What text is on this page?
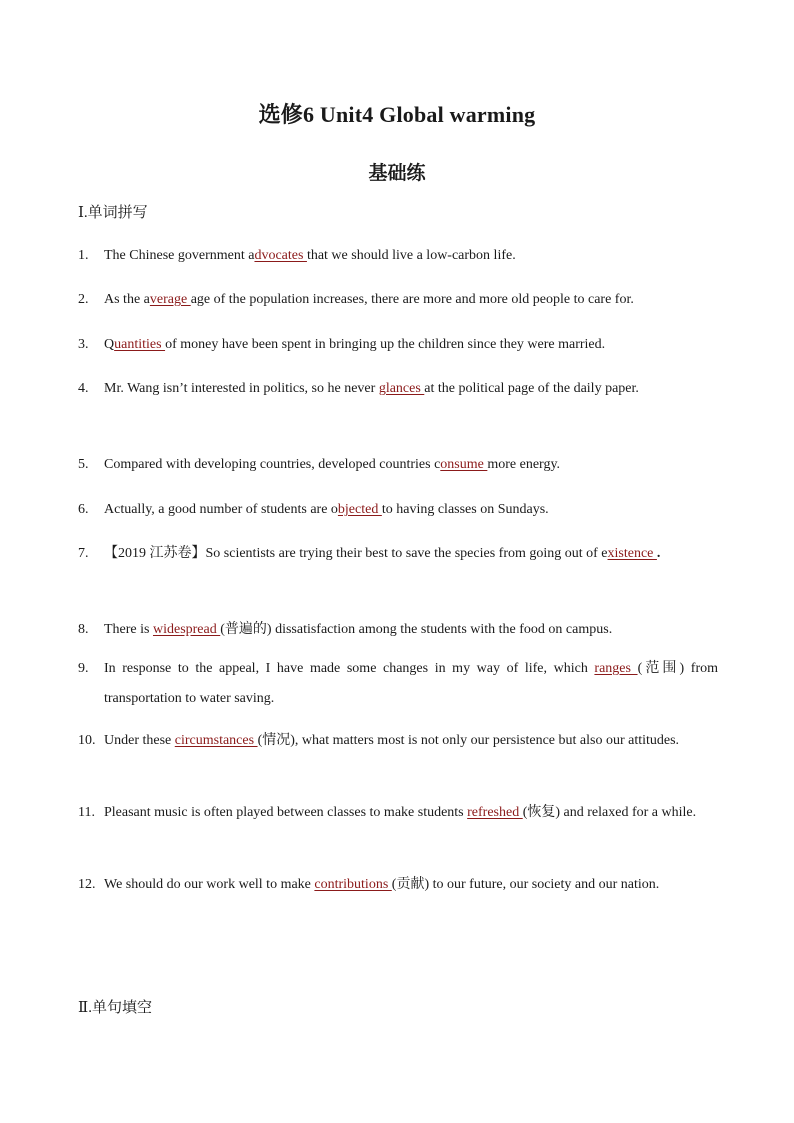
选修6 Unit4 Global warming
基础练
Ⅰ.单词拼写
1. The Chinese government advocates that we should live a low-carbon life.
2. As the average age of the population increases, there are more and more old people to care for.
3. Quantities of money have been spent in bringing up the children since they were married.
4. Mr. Wang isn’t interested in politics, so he never glances at the political page of the daily paper.
5. Compared with developing countries, developed countries consume more energy.
6. Actually, a good number of students are objected to having classes on Sundays.
7. 【2019 江苏卷】So scientists are trying their best to save the species from going out of existence .
8. There is widespread (普遍的) dissatisfaction among the students with the food on campus.
9. In response to the appeal, I have made some changes in my way of life, which ranges (范围) from transportation to water saving.
10. Under these circumstances (情况), what matters most is not only our persistence but also our attitudes.
11. Pleasant music is often played between classes to make students refreshed (恢复) and relaxed for a while.
12. We should do our work well to make contributions (贡献) to our future, our society and our nation.
Ⅱ.单句填空
